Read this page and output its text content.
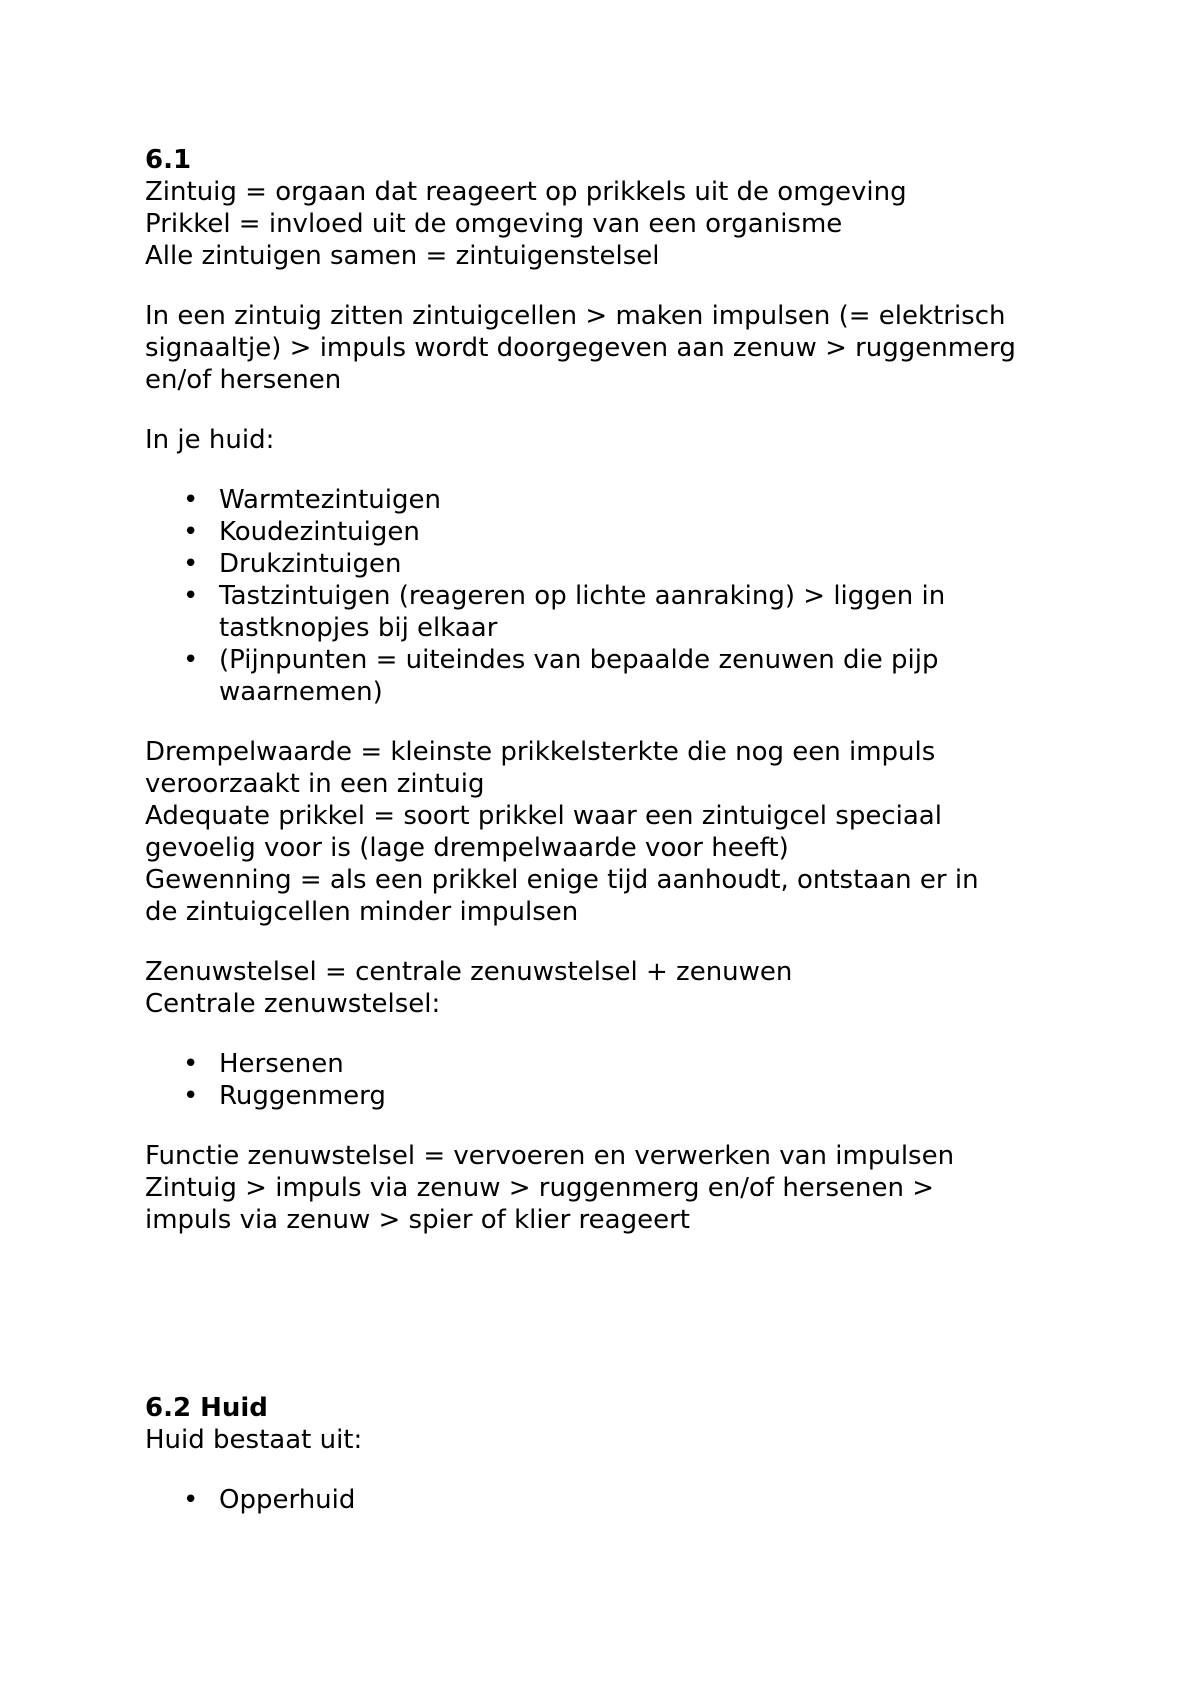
6.1
Zintuig = orgaan dat reageert op prikkels uit de omgeving
Prikkel = invloed uit de omgeving van een organisme
Alle zintuigen samen = zintuigenstelsel
In een zintuig zitten zintuigcellen > maken impulsen (= elektrisch
signaaltje) > impuls wordt doorgegeven aan zenuw > ruggenmerg
en/of hersenen
In je huid:
• Warmtezintuigen
• Koudezintuigen
• Drukzintuigen
• Tastzintuigen (reageren op lichte aanraking) > liggen in
tastknopjes bij elkaar
• (Pijnpunten = uiteindes van bepaalde zenuwen die pijp
waarnemen)
Drempelwaarde = kleinste prikkelsterkte die nog een impuls
veroorzaakt in een zintuig
Adequate prikkel = soort prikkel waar een zintuigcel speciaal
gevoelig voor is (lage drempelwaarde voor heeft)
Gewenning = als een prikkel enige tijd aanhoudt, ontstaan er in
de zintuigcellen minder impulsen
Zenuwstelsel = centrale zenuwstelsel + zenuwen
Centrale zenuwstelsel:
• Hersenen
• Ruggenmerg
Functie zenuwstelsel = vervoeren en verwerken van impulsen
Zintuig > impuls via zenuw > ruggenmerg en/of hersenen >
impuls via zenuw > spier of klier reageert
6.2 Huid
Huid bestaat uit:
• Opperhuid
